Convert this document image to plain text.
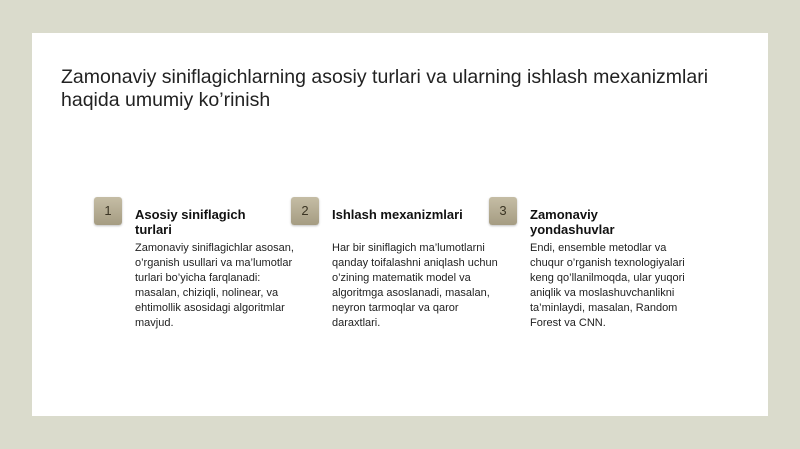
Zamonaviy siniflagichlarning asosiy turlari va ularning ishlash mexanizmlari haqida umumiy ko’rinish
1	Asosiy siniflagich turlari

Zamonaviy siniflagichlar asosan, o’rganish usullari va ma’lumotlar turlari bo’yicha farqlanadi: masalan, chiziqli, nolinear, va ehtimollik asosidagi algoritmlar mavjud.

2	Ishlash mexanizmlari

Har bir siniflagich ma’lumotlarni qanday toifalashni aniqlash uchun o’zining matematik model va algoritmga asoslanadi, masalan, neyron tarmoqlar va qaror daraxtlari.

3	Zamonaviy yondashuvlar

Endi, ensemble metodlar va chuqur o’rganish texnologiyalari keng qo’llanilmoqda, ular yuqori aniqlik va moslashuvchanlikni ta’minlaydi, masalan, Random Forest va CNN.
